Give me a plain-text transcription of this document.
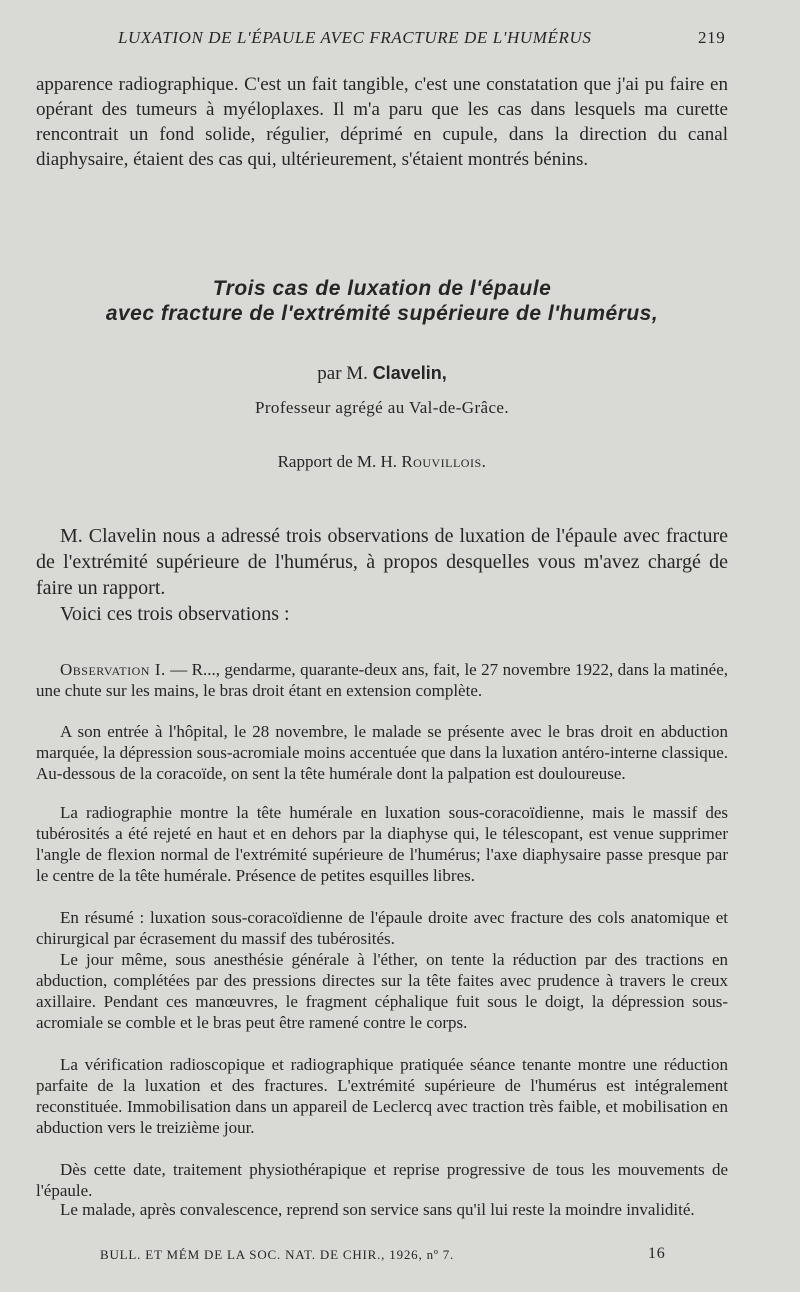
LUXATION DE L'ÉPAULE AVEC FRACTURE DE L'HUMÉRUS	219
apparence radiographique. C'est un fait tangible, c'est une constatation que j'ai pu faire en opérant des tumeurs à myéloplaxes. Il m'a paru que les cas dans lesquels ma curette rencontrait un fond solide, régulier, déprimé en cupule, dans la direction du canal diaphysaire, étaient des cas qui, ultérieurement, s'étaient montrés bénins.
Trois cas de luxation de l'épaule
avec fracture de l'extrémité supérieure de l'humérus,
par M. Clavelin,
Professeur agrégé au Val-de-Grâce.
Rapport de M. H. Rouvillois.
M. Clavelin nous a adressé trois observations de luxation de l'épaule avec fracture de l'extrémité supérieure de l'humérus, à propos desquelles vous m'avez chargé de faire un rapport.
Voici ces trois observations :
Observation I. — R..., gendarme, quarante-deux ans, fait, le 27 novembre 1922, dans la matinée, une chute sur les mains, le bras droit étant en extension complète.
A son entrée à l'hôpital, le 28 novembre, le malade se présente avec le bras droit en abduction marquée, la dépression sous-acromiale moins accentuée que dans la luxation antéro-interne classique. Au-dessous de la coracoïde, on sent la tête humérale dont la palpation est douloureuse.
La radiographie montre la tête humérale en luxation sous-coracoïdienne, mais le massif des tubérosités a été rejeté en haut et en dehors par la diaphyse qui, le télescopant, est venue supprimer l'angle de flexion normal de l'extrémité supérieure de l'humérus; l'axe diaphysaire passe presque par le centre de la tête humérale. Présence de petites esquilles libres.
En résumé : luxation sous-coracoïdienne de l'épaule droite avec fracture des cols anatomique et chirurgical par écrasement du massif des tubérosités.
Le jour même, sous anesthésie générale à l'éther, on tente la réduction par des tractions en abduction, complétées par des pressions directes sur la tête faites avec prudence à travers le creux axillaire. Pendant ces manœuvres, le fragment céphalique fuit sous le doigt, la dépression sous-acromiale se comble et le bras peut être ramené contre le corps.
La vérification radioscopique et radiographique pratiquée séance tenante montre une réduction parfaite de la luxation et des fractures. L'extrémité supérieure de l'humérus est intégralement reconstituée. Immobilisation dans un appareil de Leclercq avec traction très faible, et mobilisation en abduction vers le treizième jour.
Dès cette date, traitement physiothérapique et reprise progressive de tous les mouvements de l'épaule.
Le malade, après convalescence, reprend son service sans qu'il lui reste la moindre invalidité.
BULL. ET MÉM DE LA SOC. NAT. DE CHIR., 1926, nº 7.	16
